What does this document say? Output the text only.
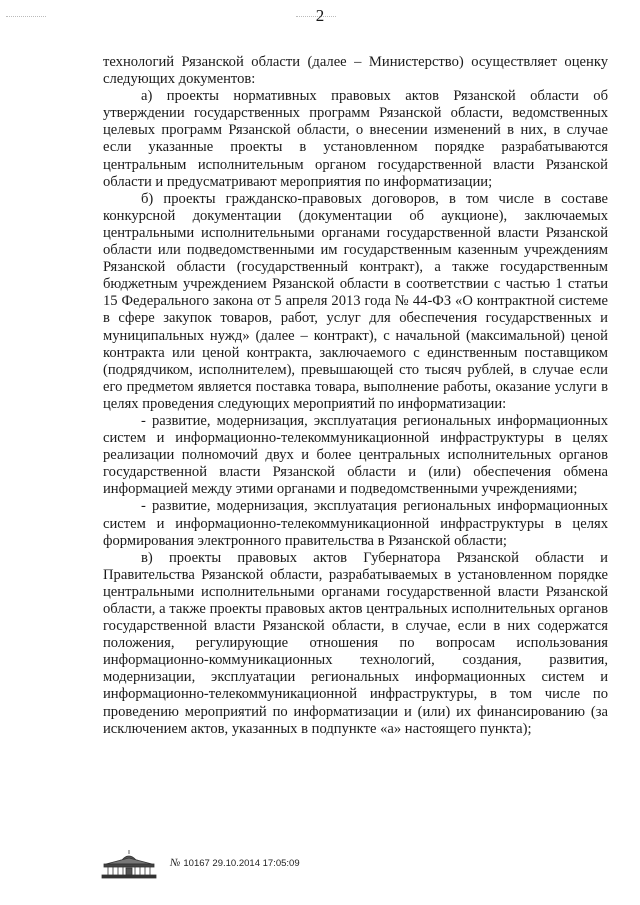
2

технологий Рязанской области (далее – Министерство) осуществляет оценку следующих документов:

а) проекты нормативных правовых актов Рязанской области об утверждении государственных программ Рязанской области, ведомственных целевых программ Рязанской области, о внесении изменений в них, в случае если указанные проекты в установленном порядке разрабатываются центральным исполнительным органом государственной власти Рязанской области и предусматривают мероприятия по информатизации;

б) проекты гражданско-правовых договоров, в том числе в составе конкурсной документации (документации об аукционе), заключаемых центральными исполнительными органами государственной власти Рязанской области или подведомственными им государственным казенным учреждениям Рязанской области (государственный контракт), а также государственным бюджетным учреждением Рязанской области в соответствии с частью 1 статьи 15 Федерального закона от 5 апреля 2013 года № 44-ФЗ «О контрактной системе в сфере закупок товаров, работ, услуг для обеспечения государственных и муниципальных нужд» (далее – контракт), с начальной (максимальной) ценой контракта или ценой контракта, заключаемого с единственным поставщиком (подрядчиком, исполнителем), превышающей сто тысяч рублей, в случае если его предметом является поставка товара, выполнение работы, оказание услуги в целях проведения следующих мероприятий по информатизации:

- развитие, модернизация, эксплуатация региональных информационных систем и информационно-телекоммуникационной инфраструктуры в целях реализации полномочий двух и более центральных исполнительных органов государственной власти Рязанской области и (или) обеспечения обмена информацией между этими органами и подведомственными учреждениями;

- развитие, модернизация, эксплуатация региональных информационных систем и информационно-телекоммуникационной инфраструктуры в целях формирования электронного правительства в Рязанской области;

в) проекты правовых актов Губернатора Рязанской области и Правительства Рязанской области, разрабатываемых в установленном порядке центральными исполнительными органами государственной власти Рязанской области, а также проекты правовых актов центральных исполнительных органов государственной власти Рязанской области, в случае, если в них содержатся положения, регулирующие отношения по вопросам использования информационно-коммуникационных технологий, создания, развития, модернизации, эксплуатации региональных информационных систем и информационно-телекоммуникационной инфраструктуры, в том числе по проведению мероприятий по информатизации и (или) их финансированию (за исключением актов, указанных в подпункте «а» настоящего пункта);

№ 10167 29.10.2014 17:05:09
